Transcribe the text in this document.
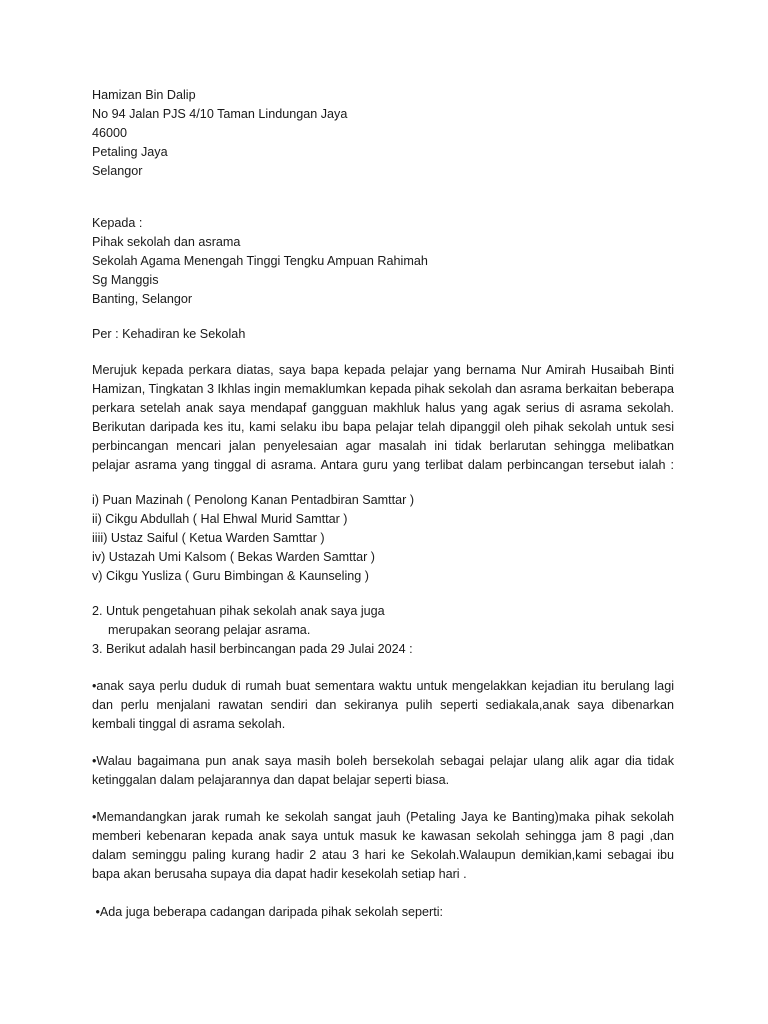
Hamizan Bin Dalip

No 94 Jalan PJS 4/10 Taman Lindungan Jaya

46000

Petaling Jaya

Selangor

Kepada :

Pihak sekolah dan asrama

Sekolah Agama Menengah Tinggi Tengku Ampuan Rahimah

Sg Manggis

Banting, Selangor

Per : Kehadiran ke Sekolah

Merujuk kepada perkara diatas, saya bapa kepada pelajar yang bernama Nur Amirah Husaibah Binti

Hamizan, Tingkatan 3 Ikhlas ingin memaklumkan kepada pihak sekolah dan asrama berkaitan beberapa

perkara setelah anak saya mendapaf gangguan makhluk halus yang agak serius di asrama sekolah.

Berikutan daripada kes itu, kami selaku ibu bapa pelajar telah dipanggil oleh pihak sekolah untuk sesi

perbincangan mencari jalan penyelesaian agar masalah ini tidak berlarutan sehingga melibatkan

pelajar asrama yang tinggal di asrama. Antara guru yang terlibat dalam perbincangan tersebut ialah :

i) Puan Mazinah ( Penolong Kanan Pentadbiran Samttar )

ii) Cikgu Abdullah ( Hal Ehwal Murid Samttar )

iiii) Ustaz Saiful ( Ketua Warden Samttar )

iv) Ustazah Umi Kalsom ( Bekas Warden Samttar )

v) Cikgu Yusliza ( Guru Bimbingan & Kaunseling )

2. Untuk pengetahuan pihak sekolah anak saya juga

merupakan seorang pelajar asrama.

3. Berikut adalah hasil berbincangan pada 29 Julai 2024 :

•anak saya perlu duduk di rumah buat sementara waktu untuk mengelakkan kejadian itu berulang lagi

dan perlu menjalani rawatan sendiri dan sekiranya pulih seperti sediakala,anak saya dibenarkan

kembali tinggal di asrama sekolah.

•Walau bagaimana pun anak saya masih boleh bersekolah sebagai pelajar ulang alik agar dia tidak

ketinggalan dalam pelajarannya dan dapat belajar seperti biasa.

•Memandangkan jarak rumah ke sekolah sangat jauh (Petaling Jaya ke Banting)maka pihak sekolah

memberi kebenaran kepada anak saya untuk masuk ke kawasan sekolah sehingga jam 8 pagi ,dan

dalam seminggu paling kurang hadir 2 atau 3 hari ke Sekolah.Walaupun demikian,kami sebagai ibu

bapa akan berusaha supaya dia dapat hadir kesekolah setiap hari .

•Ada juga beberapa cadangan daripada pihak sekolah seperti:
